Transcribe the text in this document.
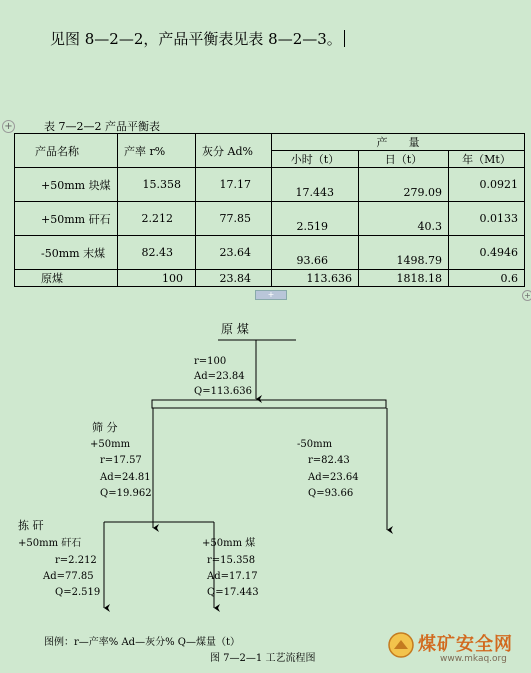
见图 8—2—2，产品平衡表见表 8—2—3。
+	表 7—2—2 产品平衡表
产品名称	产率 r%	灰分 Ad%	产      量		
			小时（t）	日（t）	年（Mt）
+50mm 块煤	15.358	17.17	17.443	279.09	0.0921
+50mm 矸石	2.212	77.85	2.519	40.3	0.0133
-50mm 末煤	82.43	23.64	93.66	1498.79	0.4946
原煤	100	23.84	113.636	1818.18	0.6
+	+
原 煤
r=100
Ad=23.84
Q=113.636
筛 分
+50mm
r=17.57
Ad=24.81
Q=19.962
-50mm
r=82.43
Ad=23.64
Q=93.66
拣 矸
+50mm 矸石
r=2.212
Ad=77.85
Q=2.519
+50mm 煤
r=15.358
Ad=17.17
Q=17.443
图例：r—产率% Ad—灰分% Q—煤量（t）
图 7—2—1 工艺流程图
煤矿安全网
www.mkaq.org
